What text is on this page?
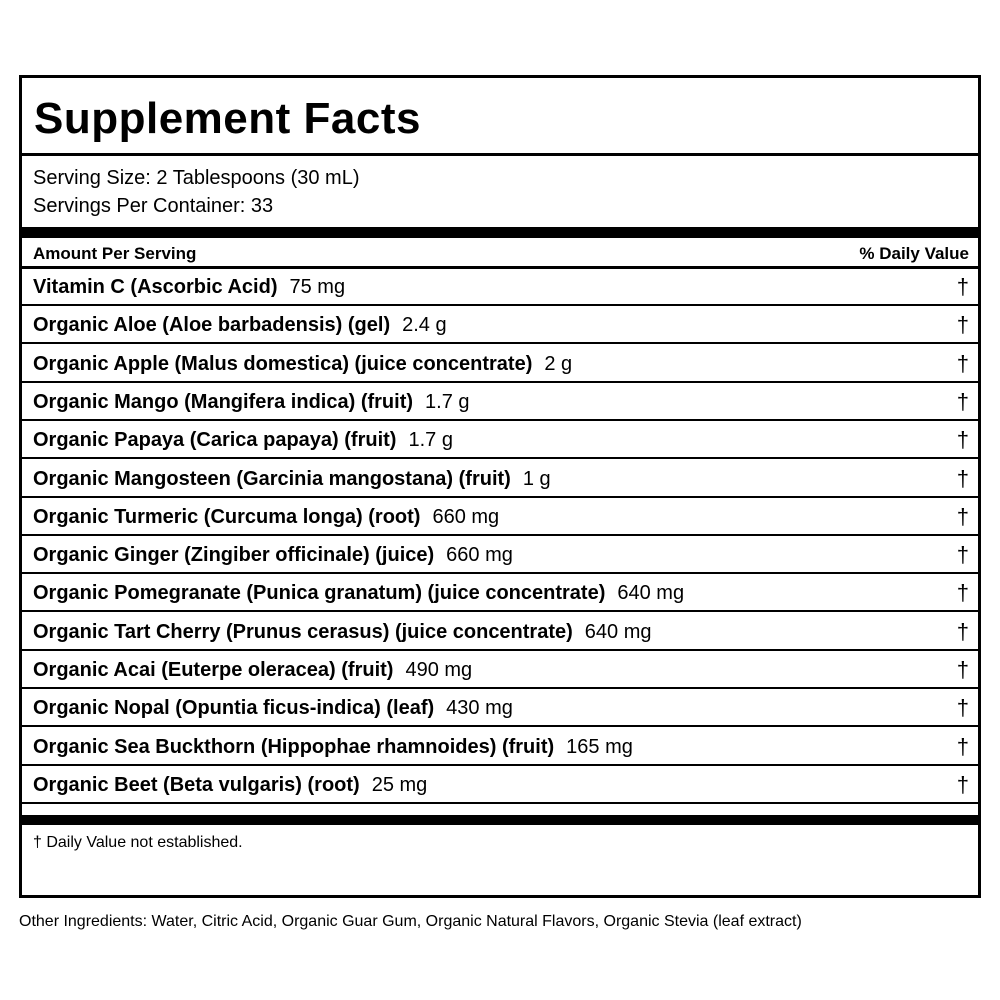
Supplement Facts
Serving Size: 2 Tablespoons (30 mL)
Servings Per Container: 33
Amount Per Serving	% Daily Value
Vitamin C (Ascorbic Acid) 75 mg	†
Organic Aloe (Aloe barbadensis) (gel) 2.4 g	†
Organic Apple (Malus domestica) (juice concentrate) 2 g	†
Organic Mango (Mangifera indica) (fruit) 1.7 g	†
Organic Papaya (Carica papaya) (fruit) 1.7 g	†
Organic Mangosteen (Garcinia mangostana) (fruit) 1 g	†
Organic Turmeric (Curcuma longa) (root) 660 mg	†
Organic Ginger (Zingiber officinale) (juice) 660 mg	†
Organic Pomegranate (Punica granatum) (juice concentrate) 640 mg	†
Organic Tart Cherry (Prunus cerasus) (juice concentrate) 640 mg	†
Organic Acai (Euterpe oleracea) (fruit) 490 mg	†
Organic Nopal (Opuntia ficus-indica) (leaf) 430 mg	†
Organic Sea Buckthorn (Hippophae rhamnoides) (fruit) 165 mg	†
Organic Beet (Beta vulgaris) (root) 25 mg	†
† Daily Value not established.
Other Ingredients: Water, Citric Acid, Organic Guar Gum, Organic Natural Flavors, Organic Stevia (leaf extract)
